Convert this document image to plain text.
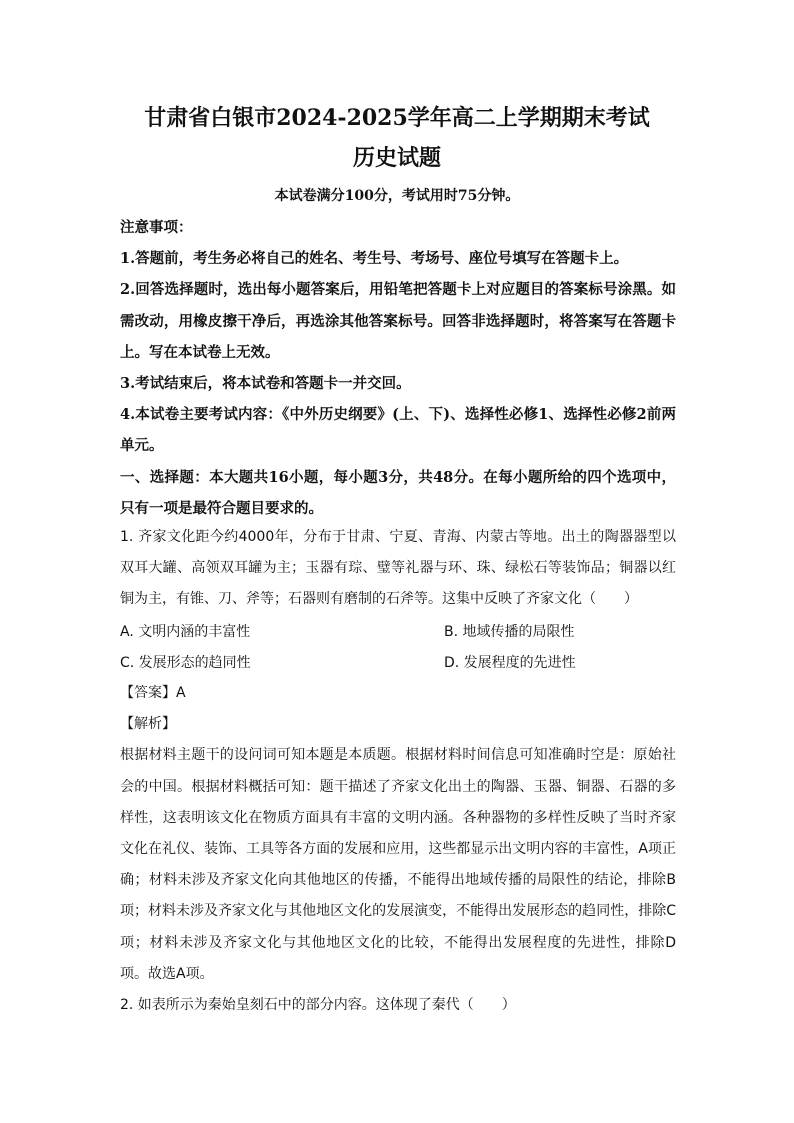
甘肃省白银市2024-2025学年高二上学期期末考试
历史试题
本试卷满分100分，考试用时75分钟。

注意事项：

1.答题前，考生务必将自己的姓名、考生号、考场号、座位号填写在答题卡上。

2.回答选择题时，选出每小题答案后，用铅笔把答题卡上对应题目的答案标号涂黑。如需改动，用橡皮擦干净后，再选涂其他答案标号。回答非选择题时，将答案写在答题卡上。写在本试卷上无效。

3.考试结束后，将本试卷和答题卡一并交回。

4.本试卷主要考试内容：《中外历史纲要》(上、下)、选择性必修1、选择性必修2前两单元。

一、选择题：本大题共16小题，每小题3分，共48分。在每小题所给的四个选项中，只有一项是最符合题目要求的。

1. 齐家文化距今约4000年，分布于甘肃、宁夏、青海、内蒙古等地。出土的陶器器型以双耳大罐、高领双耳罐为主；玉器有琮、璧等礼器与环、珠、绿松石等装饰品；铜器以红铜为主，有锥、刀、斧等；石器则有磨制的石斧等。这集中反映了齐家文化（　　）

A. 文明内涵的丰富性	B. 地域传播的局限性
C. 发展形态的趋同性	D. 发展程度的先进性

【答案】A

【解析】

根据材料主题干的设问词可知本题是本质题。根据材料时间信息可知准确时空是：原始社会的中国。根据材料概括可知：题干描述了齐家文化出土的陶器、玉器、铜器、石器的多样性，这表明该文化在物质方面具有丰富的文明内涵。各种器物的多样性反映了当时齐家文化在礼仪、装饰、工具等各方面的发展和应用，这些都显示出文明内容的丰富性，A项正确；材料未涉及齐家文化向其他地区的传播，不能得出地域传播的局限性的结论，排除B项；材料未涉及齐家文化与其他地区文化的发展演变，不能得出发展形态的趋同性，排除C项；材料未涉及齐家文化与其他地区文化的比较，不能得出发展程度的先进性，排除D项。故选A项。

2. 如表所示为秦始皇刻石中的部分内容。这体现了秦代（　　）
